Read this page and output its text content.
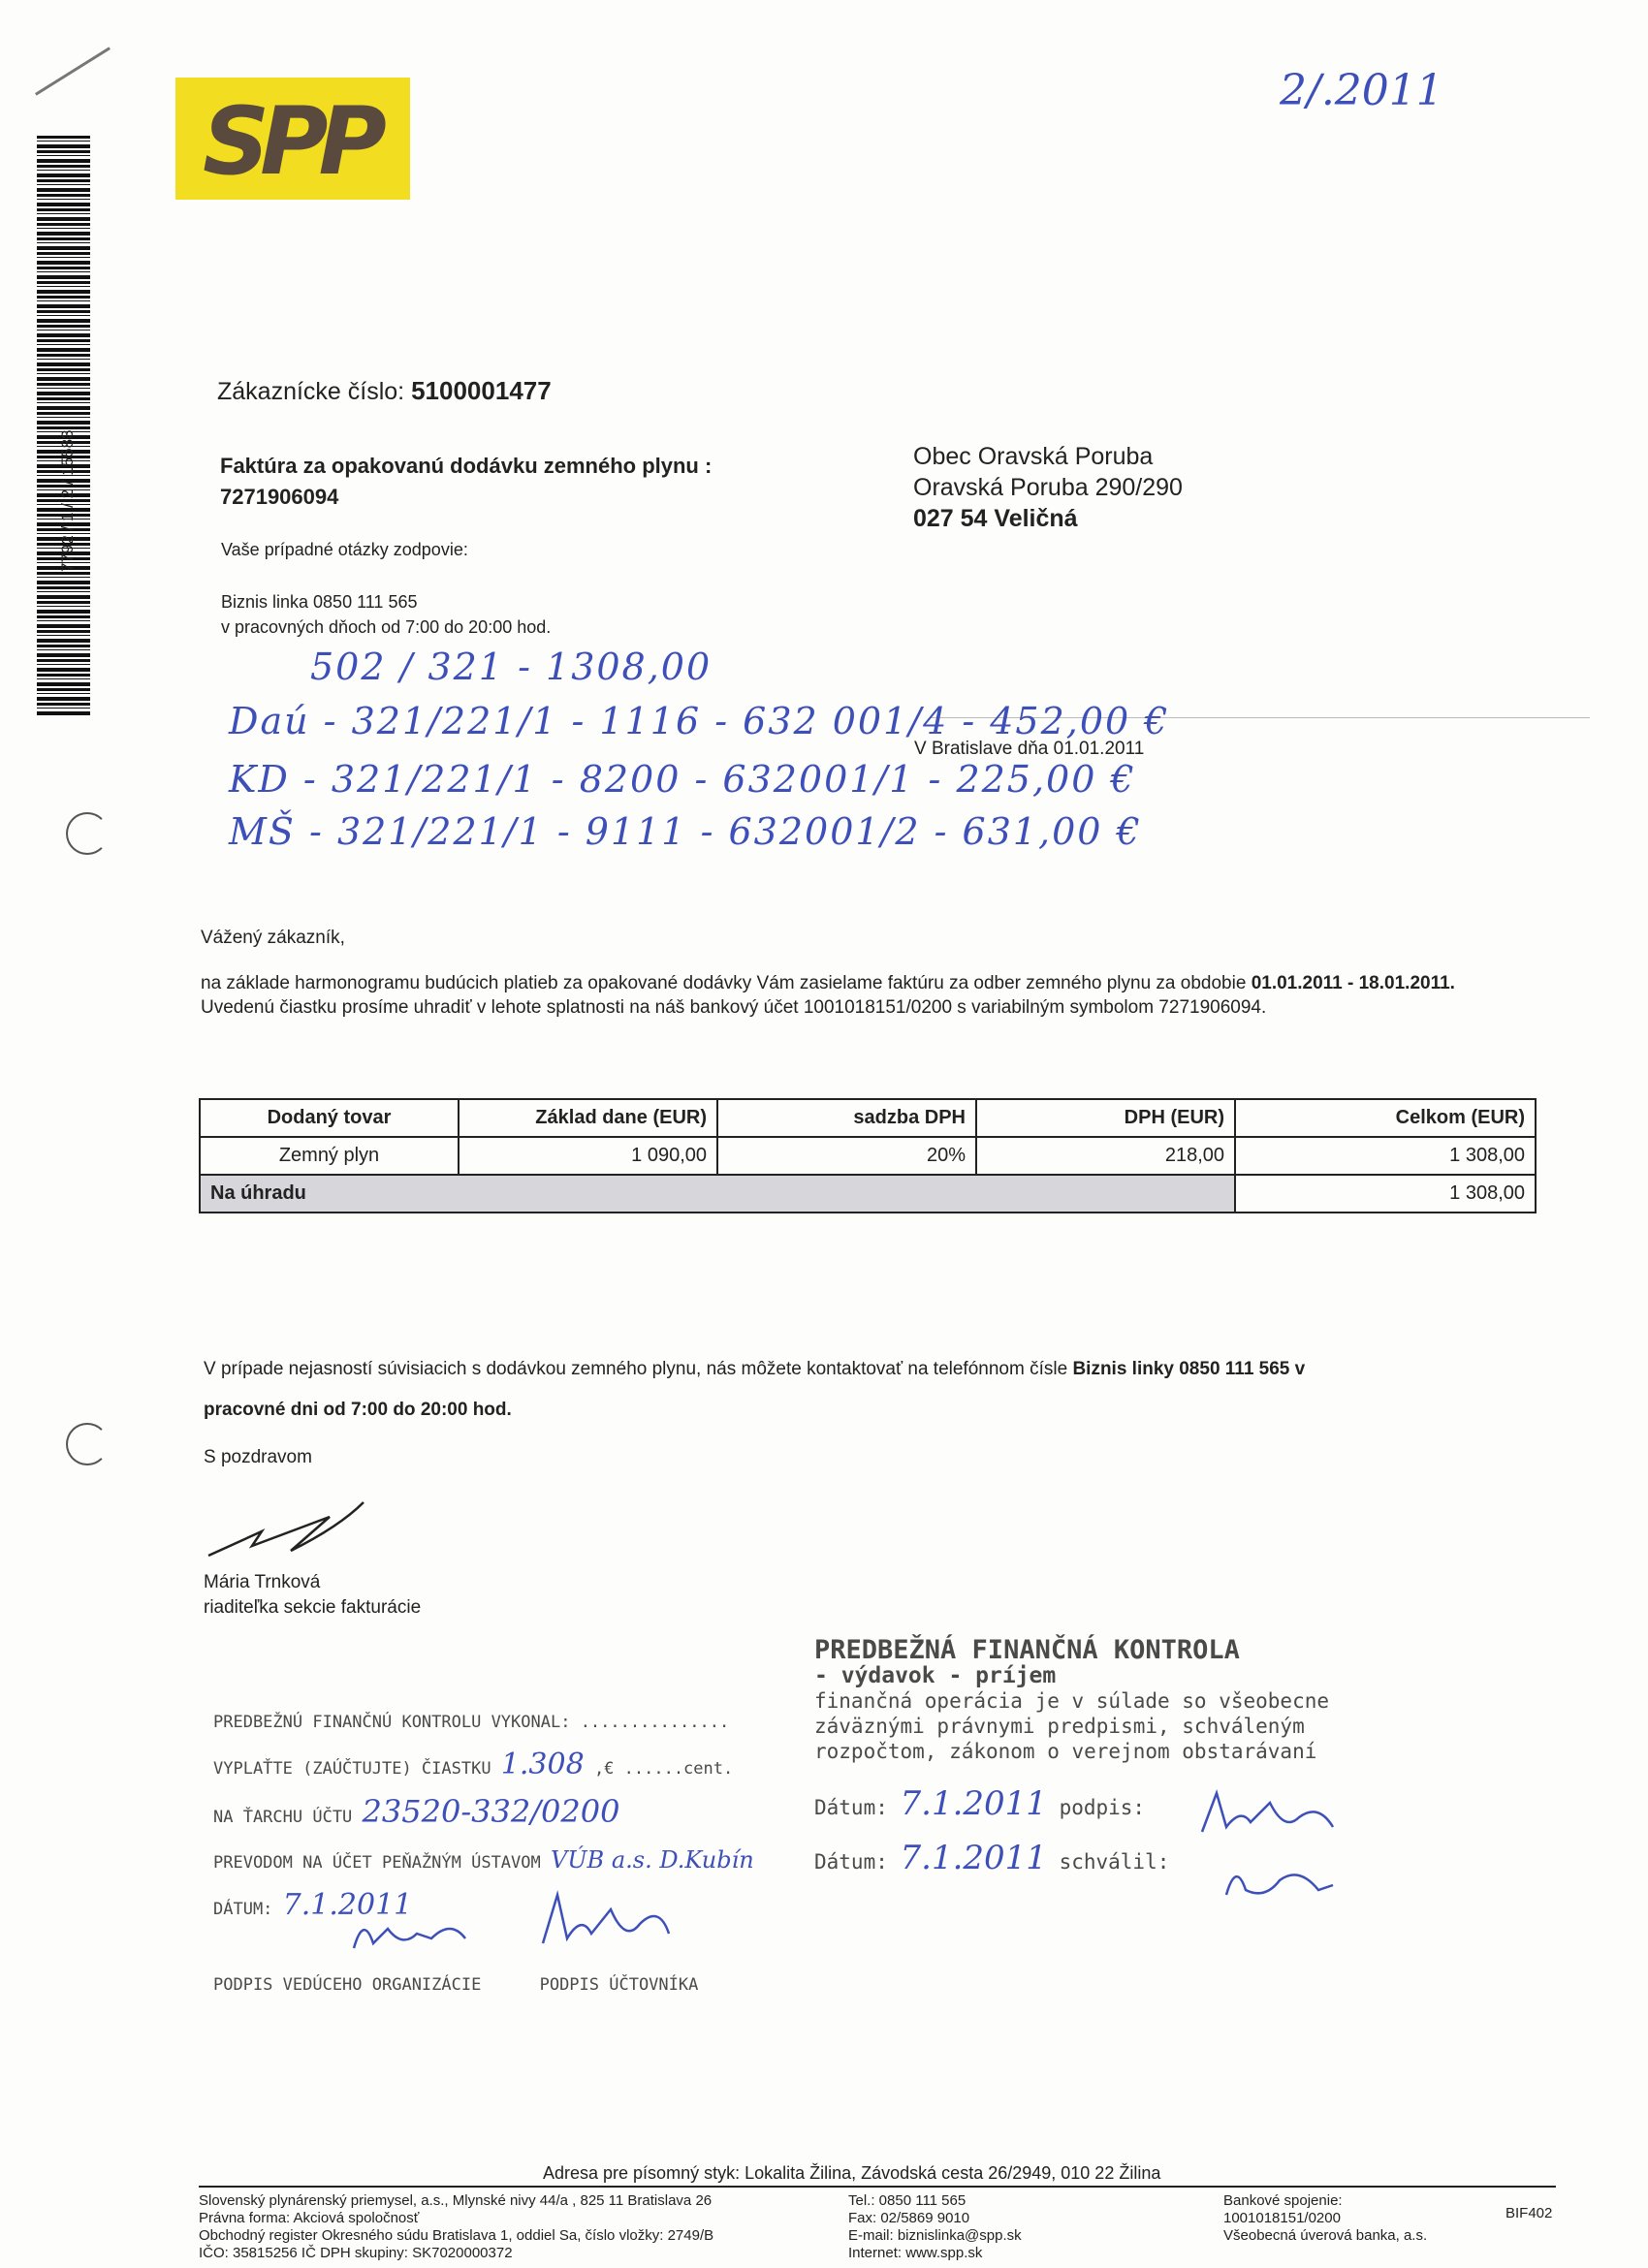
SPP
7792 / 1 / 2 / 15583
2/.2011
Zákaznícke číslo: 5100001477
Faktúra za opakovanú dodávku zemného plynu :
7271906094
Vaše prípadné otázky zodpovie:
Biznis linka 0850 111 565
v pracovných dňoch od 7:00 do 20:00 hod.
Obec Oravská Poruba
Oravská Poruba 290/290
027 54 Veličná
502 / 321 - 1308,00
Daú - 321/221/1 - 1116 - 632 001/4 - 452,00 €
KD - 321/221/1 - 8200 - 632001/1 - 225,00 €
MŠ - 321/221/1 - 9111 - 632001/2 - 631,00 €
V Bratislave dňa 01.01.2011
Vážený zákazník,
na základe harmonogramu budúcich platieb za opakované dodávky Vám zasielame faktúru za odber zemného plynu za obdobie 01.01.2011 - 18.01.2011.
Uvedenú čiastku prosíme uhradiť v lehote splatnosti na náš bankový účet 1001018151/0200 s variabilným symbolom 7271906094.
Dodaný tovar	Základ dane (EUR)	sadzba DPH	DPH (EUR)	Celkom (EUR)
Zemný plyn	1 090,00	20%	218,00	1 308,00
Na úhradu				1 308,00
V prípade nejasností súvisiacich s dodávkou zemného plynu, nás môžete kontaktovať na telefónnom čísle Biznis linky 0850 111 565 v
pracovné dni od 7:00 do 20:00 hod.
S pozdravom
Mária Trnková
riaditeľka sekcie fakturácie
PREDBEŽNÚ FINANČNÚ KONTROLU VYKONAL: ...............
VYPLAŤTE (ZAÚČTUJTE) ČIASTKU 1.308 ,€ ......cent.
NA ŤARCHU ÚČTU 23520-332/0200
PREVODOM NA ÚČET PEŇAŽNÝM ÚSTAVOM VÚB a.s. D.Kubín
DÁTUM: 7.1.2011
PODPIS VEDÚCEHO ORGANIZÁCIE	PODPIS ÚČTOVNÍKA
PREDBEŽNÁ FINANČNÁ KONTROLA
- výdavok - príjem
finančná operácia je v súlade so všeobecne záväznými právnymi predpismi, schváleným rozpočtom, zákonom o verejnom obstarávaní
Dátum: 7.1.2011 podpis:
Dátum: 7.1.2011 schválil:
Adresa pre písomný styk: Lokalita Žilina, Závodská cesta 26/2949, 010 22 Žilina
Slovenský plynárenský priemysel, a.s., Mlynské nivy 44/a , 825 11 Bratislava 26
Právna forma: Akciová spoločnosť
Obchodný register Okresného súdu Bratislava 1, oddiel Sa, číslo vložky: 2749/B
IČO: 35815256 IČ DPH skupiny: SK7020000372
Tel.: 0850 111 565
Fax: 02/5869 9010
E-mail: biznislinka@spp.sk
Internet: www.spp.sk
Bankové spojenie:
1001018151/0200
Všeobecná úverová banka, a.s.
BIF402
